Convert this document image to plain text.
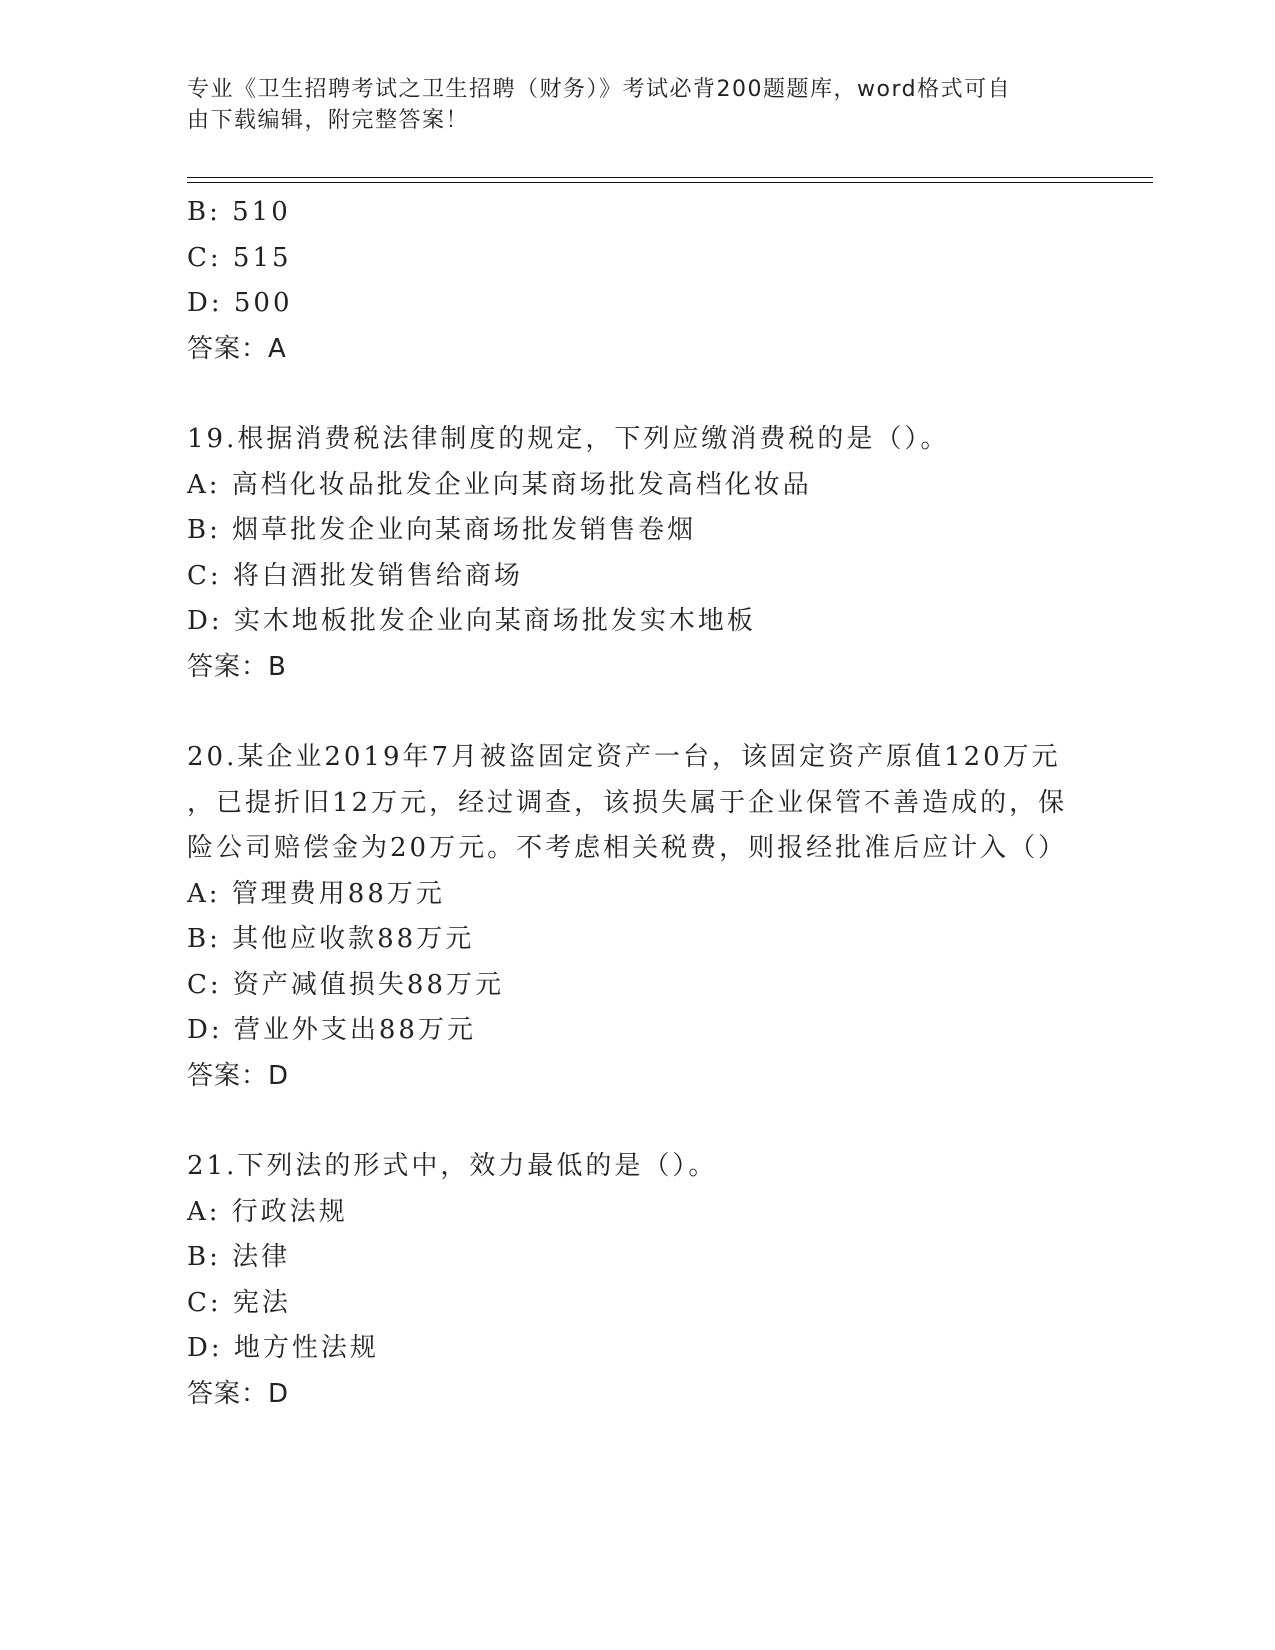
专业《卫生招聘考试之卫生招聘（财务）》考试必背200题题库，word格式可自
由下载编辑，附完整答案！
B: 510
C: 515
D: 500
答案：A
19.根据消费税法律制度的规定，下列应缴消费税的是（）。
A: 高档化妆品批发企业向某商场批发高档化妆品
B: 烟草批发企业向某商场批发销售卷烟
C: 将白酒批发销售给商场
D: 实木地板批发企业向某商场批发实木地板
答案：B
20.某企业2019年7月被盗固定资产一台，该固定资产原值120万元
，已提折旧12万元，经过调查，该损失属于企业保管不善造成的，保
险公司赔偿金为20万元。不考虑相关税费，则报经批准后应计入（）
A: 管理费用88万元
B: 其他应收款88万元
C: 资产减值损失88万元
D: 营业外支出88万元
答案：D
21.下列法的形式中，效力最低的是（）。
A: 行政法规
B: 法律
C: 宪法
D: 地方性法规
答案：D
